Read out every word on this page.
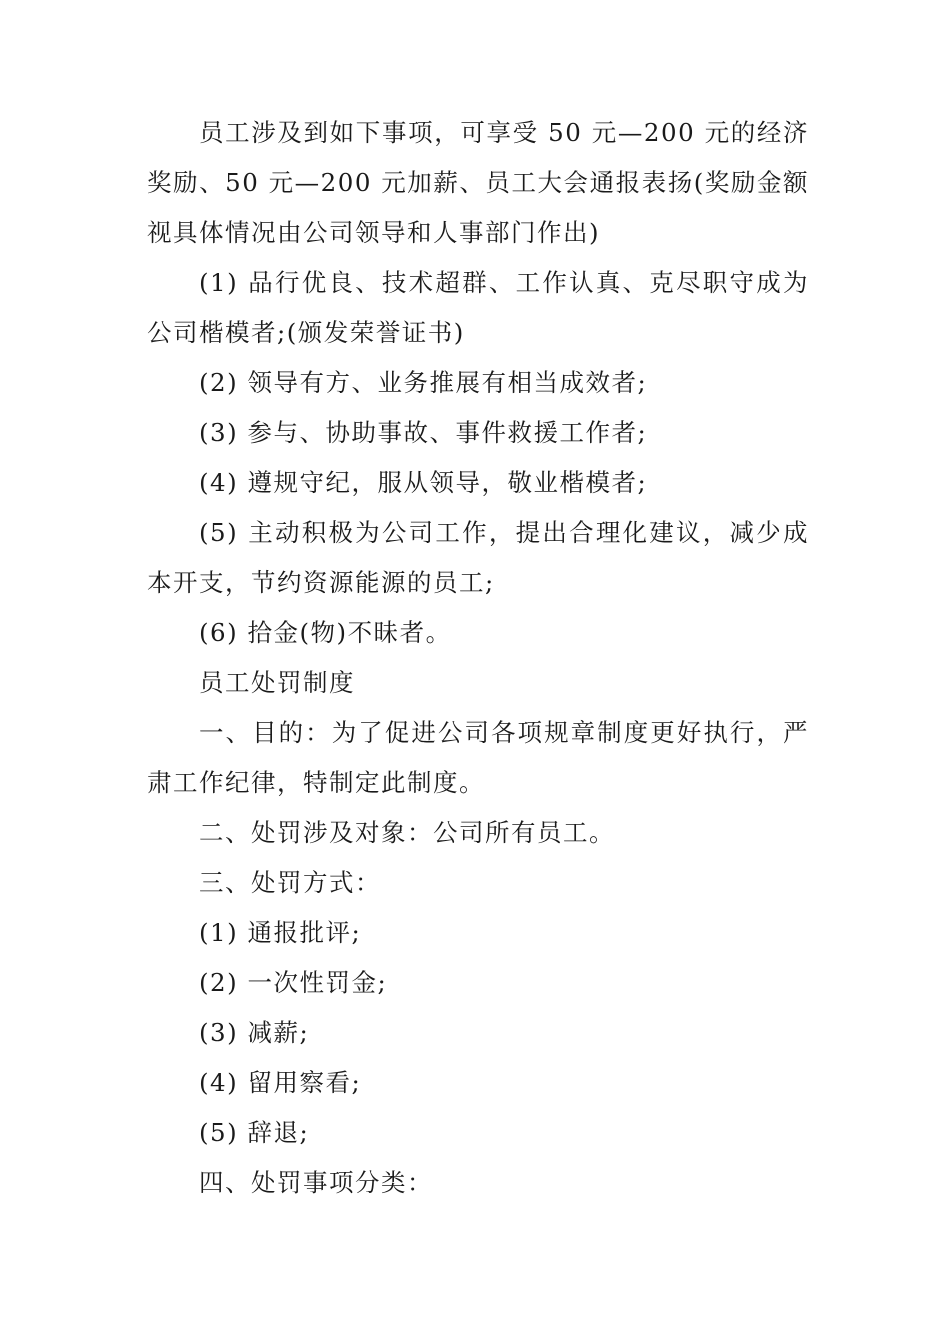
员工涉及到如下事项，可享受 50 元—200 元的经济奖励、50 元—200 元加薪、员工大会通报表扬(奖励金额视具体情况由公司领导和人事部门作出)

(1) 品行优良、技术超群、工作认真、克尽职守成为公司楷模者;(颁发荣誉证书)

(2) 领导有方、业务推展有相当成效者;

(3) 参与、协助事故、事件救援工作者;

(4) 遵规守纪，服从领导，敬业楷模者;

(5) 主动积极为公司工作，提出合理化建议，减少成本开支，节约资源能源的员工;

(6) 拾金(物)不昧者。

员工处罚制度

一、目的：为了促进公司各项规章制度更好执行，严肃工作纪律，特制定此制度。

二、处罚涉及对象：公司所有员工。

三、处罚方式：

(1) 通报批评;

(2) 一次性罚金;

(3) 减薪;

(4) 留用察看;

(5) 辞退;

四、处罚事项分类：
